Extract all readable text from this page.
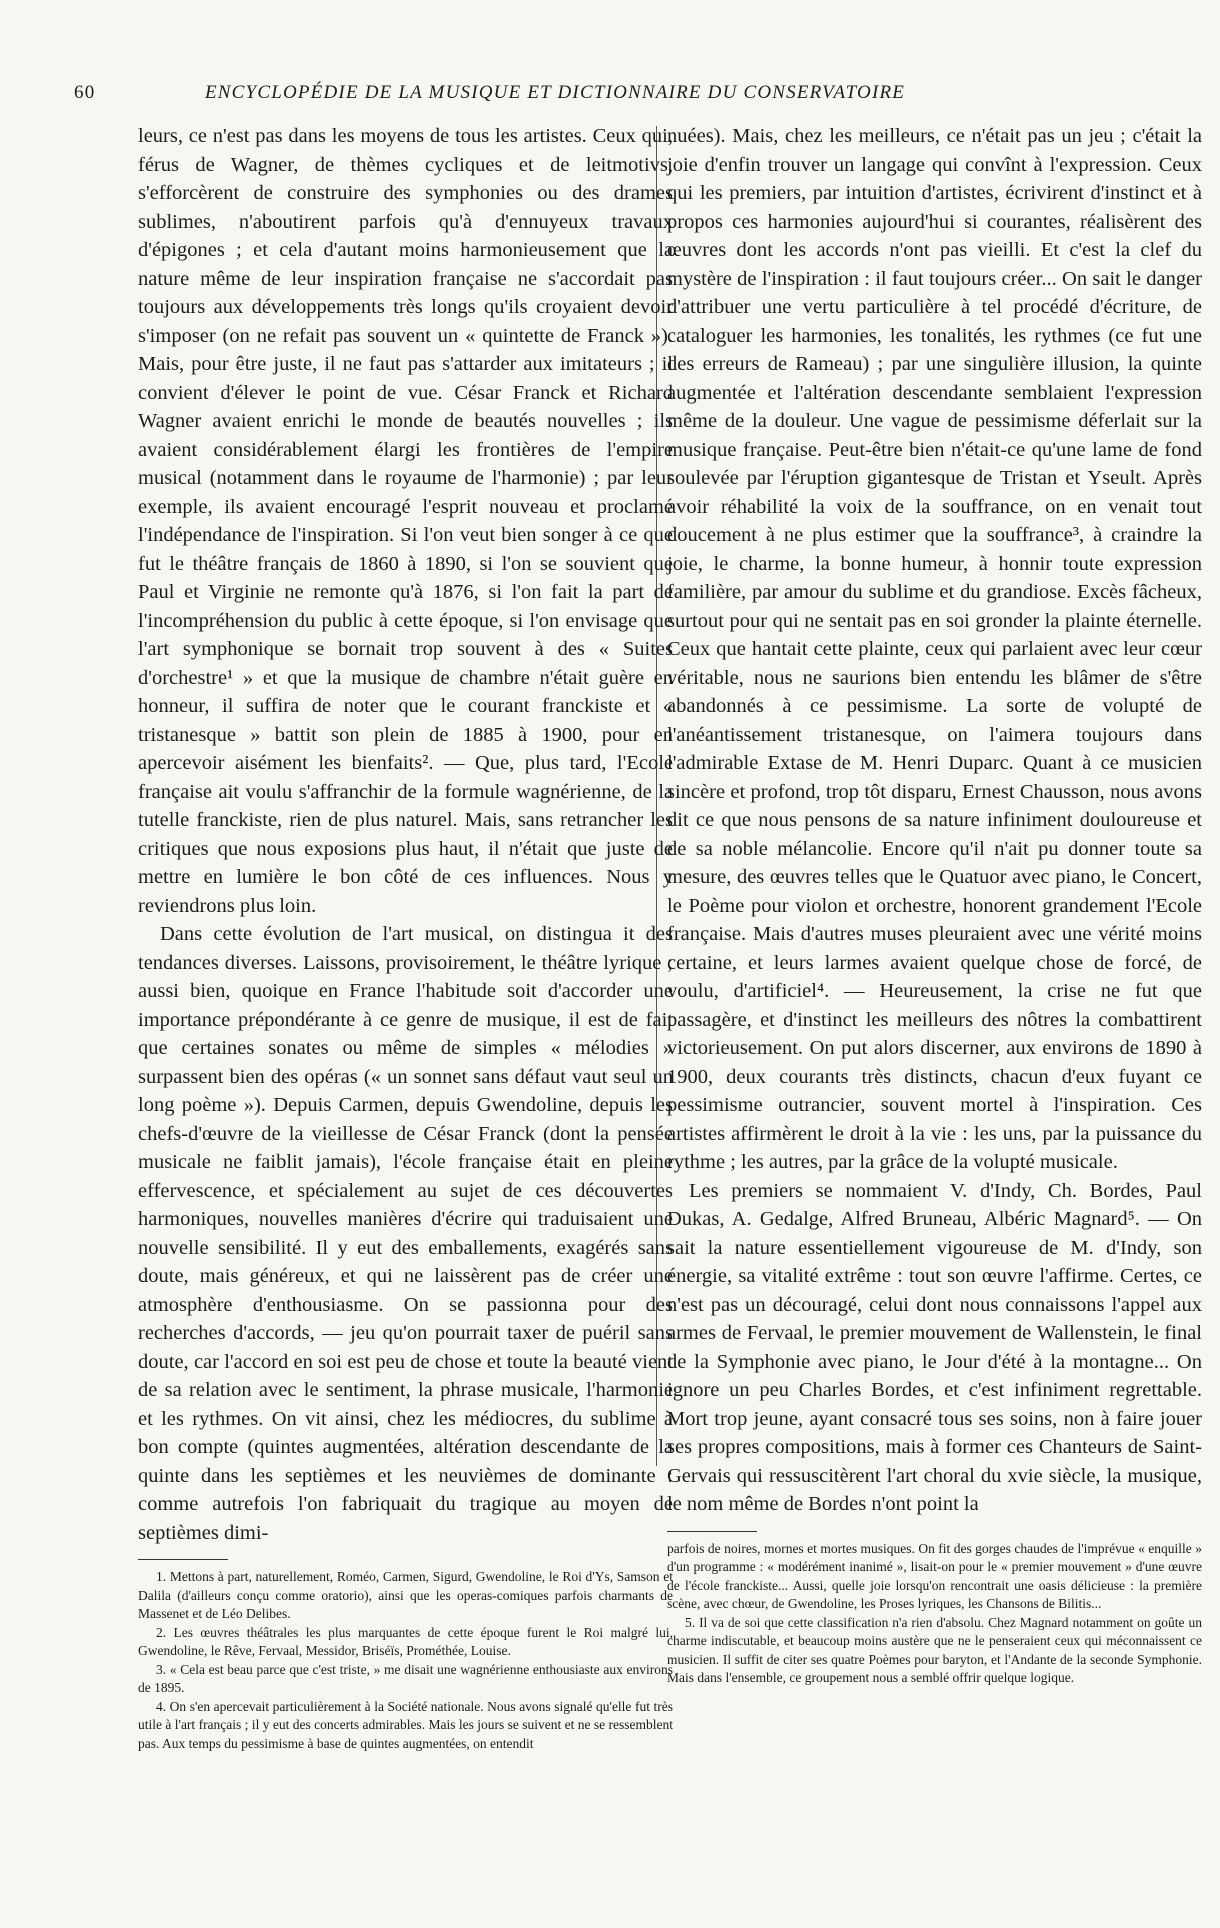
60	ENCYCLOPÉDIE DE LA MUSIQUE ET DICTIONNAIRE DU CONSERVATOIRE

leurs, ce n'est pas dans les moyens de tous les artistes. Ceux qui, férus de Wagner, de thèmes cycliques et de leitmotivs, s'efforcèrent de construire des symphonies ou des drames sublimes, n'aboutirent parfois qu'à d'ennuyeux travaux d'épigones ; et cela d'autant moins harmonieusement que la nature même de leur inspiration française ne s'accordait pas toujours aux développements très longs qu'ils croyaient devoir s'imposer (on ne refait pas souvent un « quintette de Franck »). Mais, pour être juste, il ne faut pas s'attarder aux imitateurs ; il convient d'élever le point de vue. César Franck et Richard Wagner avaient enrichi le monde de beautés nouvelles ; ils avaient considérablement élargi les frontières de l'empire musical (notamment dans le royaume de l'harmonie) ; par leur exemple, ils avaient encouragé l'esprit nouveau et proclamé l'indépendance de l'inspiration. Si l'on veut bien songer à ce que fut le théâtre français de 1860 à 1890, si l'on se souvient que Paul et Virginie ne remonte qu'à 1876, si l'on fait la part de l'incompréhension du public à cette époque, si l'on envisage que l'art symphonique se bornait trop souvent à des « Suites d'orchestre¹ » et que la musique de chambre n'était guère en honneur, il suffira de noter que le courant franckiste et « tristanesque » battit son plein de 1885 à 1900, pour en apercevoir aisément les bienfaits². — Que, plus tard, l'Ecole française ait voulu s'affranchir de la formule wagnérienne, de la tutelle franckiste, rien de plus naturel. Mais, sans retrancher les critiques que nous exposions plus haut, il n'était que juste de mettre en lumière le bon côté de ces influences. Nous y reviendrons plus loin.

Dans cette évolution de l'art musical, on distingua it des tendances diverses. Laissons, provisoirement, le théâtre lyrique ; aussi bien, quoique en France l'habitude soit d'accorder une importance prépondérante à ce genre de musique, il est de fait que certaines sonates ou même de simples « mélodies » surpassent bien des opéras (« un sonnet sans défaut vaut seul un long poème »). Depuis Carmen, depuis Gwendoline, depuis les chefs-d'œuvre de la vieillesse de César Franck (dont la pensée musicale ne faiblit jamais), l'école française était en pleine effervescence, et spécialement au sujet de ces découvertes harmoniques, nouvelles manières d'écrire qui traduisaient une nouvelle sensibilité. Il y eut des emballements, exagérés sans doute, mais généreux, et qui ne laissèrent pas de créer une atmosphère d'enthousiasme. On se passionna pour des recherches d'accords, — jeu qu'on pourrait taxer de puéril sans doute, car l'accord en soi est peu de chose et toute la beauté vient de sa relation avec le sentiment, la phrase musicale, l'harmonie et les rythmes. On vit ainsi, chez les médiocres, du sublime à bon compte (quintes augmentées, altération descendante de la quinte dans les septièmes et les neuvièmes de dominante : comme autrefois l'on fabriquait du tragique au moyen de septièmes dimi-

1. Mettons à part, naturellement, Roméo, Carmen, Sigurd, Gwendoline, le Roi d'Ys, Samson et Dalila (d'ailleurs conçu comme oratorio), ainsi que les operas-comiques parfois charmants de Massenet et de Léo Delibes.

2. Les œuvres théâtrales les plus marquantes de cette époque furent le Roi malgré lui, Gwendoline, le Rêve, Fervaal, Messidor, Briséïs, Prométhée, Louise.

3. « Cela est beau parce que c'est triste, » me disait une wagnérienne enthousiaste aux environs de 1895.

4. On s'en apercevait particulièrement à la Société nationale. Nous avons signalé qu'elle fut très utile à l'art français ; il y eut des concerts admirables. Mais les jours se suivent et ne se ressemblent pas. Aux temps du pessimisme à base de quintes augmentées, on entendit

nuées). Mais, chez les meilleurs, ce n'était pas un jeu ; c'était la joie d'enfin trouver un langage qui convînt à l'expression. Ceux qui les premiers, par intuition d'artistes, écrivirent d'instinct et à propos ces harmonies aujourd'hui si courantes, réalisèrent des œuvres dont les accords n'ont pas vieilli. Et c'est la clef du mystère de l'inspiration : il faut toujours créer... On sait le danger d'attribuer une vertu particulière à tel procédé d'écriture, de cataloguer les harmonies, les tonalités, les rythmes (ce fut une des erreurs de Rameau) ; par une singulière illusion, la quinte augmentée et l'altération descendante semblaient l'expression même de la douleur. Une vague de pessimisme déferlait sur la musique française. Peut-être bien n'était-ce qu'une lame de fond soulevée par l'éruption gigantesque de Tristan et Yseult. Après avoir réhabilité la voix de la souffrance, on en venait tout doucement à ne plus estimer que la souffrance³, à craindre la joie, le charme, la bonne humeur, à honnir toute expression familière, par amour du sublime et du grandiose. Excès fâcheux, surtout pour qui ne sentait pas en soi gronder la plainte éternelle. Ceux que hantait cette plainte, ceux qui parlaient avec leur cœur véritable, nous ne saurions bien entendu les blâmer de s'être abandonnés à ce pessimisme. La sorte de volupté de l'anéantissement tristanesque, on l'aimera toujours dans l'admirable Extase de M. Henri Duparc. Quant à ce musicien sincère et profond, trop tôt disparu, Ernest Chausson, nous avons dit ce que nous pensons de sa nature infiniment douloureuse et de sa noble mélancolie. Encore qu'il n'ait pu donner toute sa mesure, des œuvres telles que le Quatuor avec piano, le Concert, le Poème pour violon et orchestre, honorent grandement l'Ecole française. Mais d'autres muses pleuraient avec une vérité moins certaine, et leurs larmes avaient quelque chose de forcé, de voulu, d'artificiel⁴. — Heureusement, la crise ne fut que passagère, et d'instinct les meilleurs des nôtres la combattirent victorieusement. On put alors discerner, aux environs de 1890 à 1900, deux courants très distincts, chacun d'eux fuyant ce pessimisme outrancier, souvent mortel à l'inspiration. Ces artistes affirmèrent le droit à la vie : les uns, par la puissance du rythme ; les autres, par la grâce de la volupté musicale.

Les premiers se nommaient V. d'Indy, Ch. Bordes, Paul Dukas, A. Gedalge, Alfred Bruneau, Albéric Magnard⁵. — On sait la nature essentiellement vigoureuse de M. d'Indy, son énergie, sa vitalité extrême : tout son œuvre l'affirme. Certes, ce n'est pas un découragé, celui dont nous connaissons l'appel aux armes de Fervaal, le premier mouvement de Wallenstein, le final de la Symphonie avec piano, le Jour d'été à la montagne... On ignore un peu Charles Bordes, et c'est infiniment regrettable. Mort trop jeune, ayant consacré tous ses soins, non à faire jouer ses propres compositions, mais à former ces Chanteurs de Saint-Gervais qui ressuscitèrent l'art choral du xvie siècle, la musique, le nom même de Bordes n'ont point la

parfois de noires, mornes et mortes musiques. On fit des gorges chaudes de l'imprévue « enquille » d'un programme : « modérément inanimé », lisait-on pour le « premier mouvement » d'une œuvre de l'école franckiste... Aussi, quelle joie lorsqu'on rencontrait une oasis délicieuse : la première scène, avec chœur, de Gwendoline, les Proses lyriques, les Chansons de Bilitis...

5. Il va de soi que cette classification n'a rien d'absolu. Chez Magnard notamment on goûte un charme indiscutable, et beaucoup moins austère que ne le penseraient ceux qui méconnaissent ce musicien. Il suffit de citer ses quatre Poèmes pour baryton, et l'Andante de la seconde Symphonie. Mais dans l'ensemble, ce groupement nous a semblé offrir quelque logique.
